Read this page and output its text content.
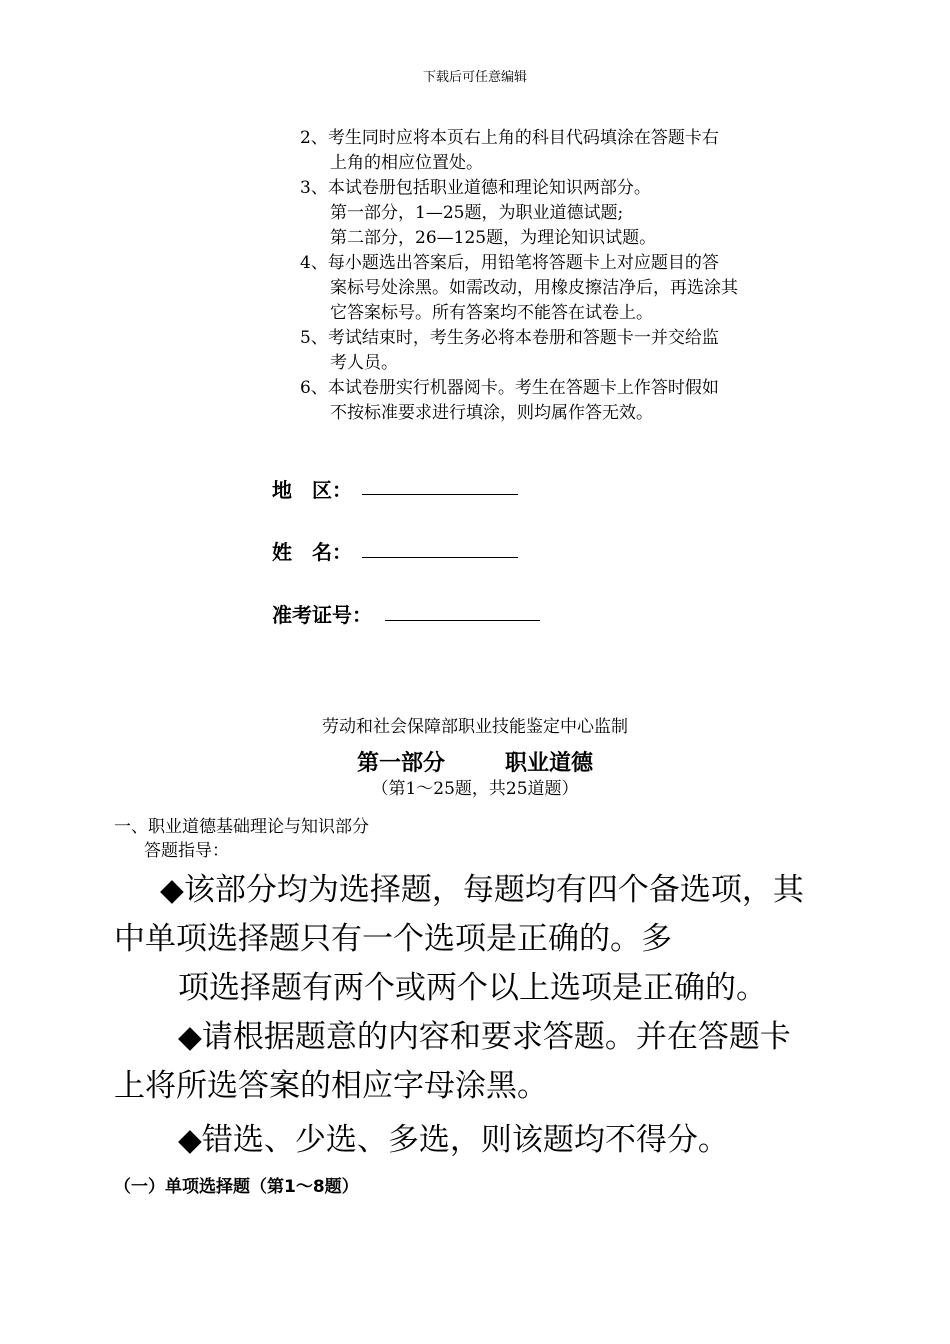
下载后可任意编辑
2、考生同时应将本页右上角的科目代码填涂在答题卡右
上角的相应位置处。
3、本试卷册包括职业道德和理论知识两部分。
第一部分，1—25题，为职业道德试题;
第二部分，26—125题，为理论知识试题。
4、每小题选出答案后，用铅笔将答题卡上对应题目的答
案标号处涂黑。如需改动，用橡皮擦洁净后，再选涂其
它答案标号。所有答案均不能答在试卷上。
5、考试结束时，考生务必将本卷册和答题卡一并交给监
考人员。
6、本试卷册实行机器阅卡。考生在答题卡上作答时假如
不按标准要求进行填涂，则均属作答无效。
地　区：
姓　名：
准考证号：
劳动和社会保障部职业技能鉴定中心监制
第一部分	职业道德
（第1～25题，共25道题）
一、职业道德基础理论与知识部分
答题指导：
◆该部分均为选择题，每题均有四个备选项，其
中单项选择题只有一个选项是正确的。多
项选择题有两个或两个以上选项是正确的。
◆请根据题意的内容和要求答题。并在答题卡
上将所选答案的相应字母涂黑。
◆错选、少选、多选，则该题均不得分。
（一）单项选择题（第1～8题）
